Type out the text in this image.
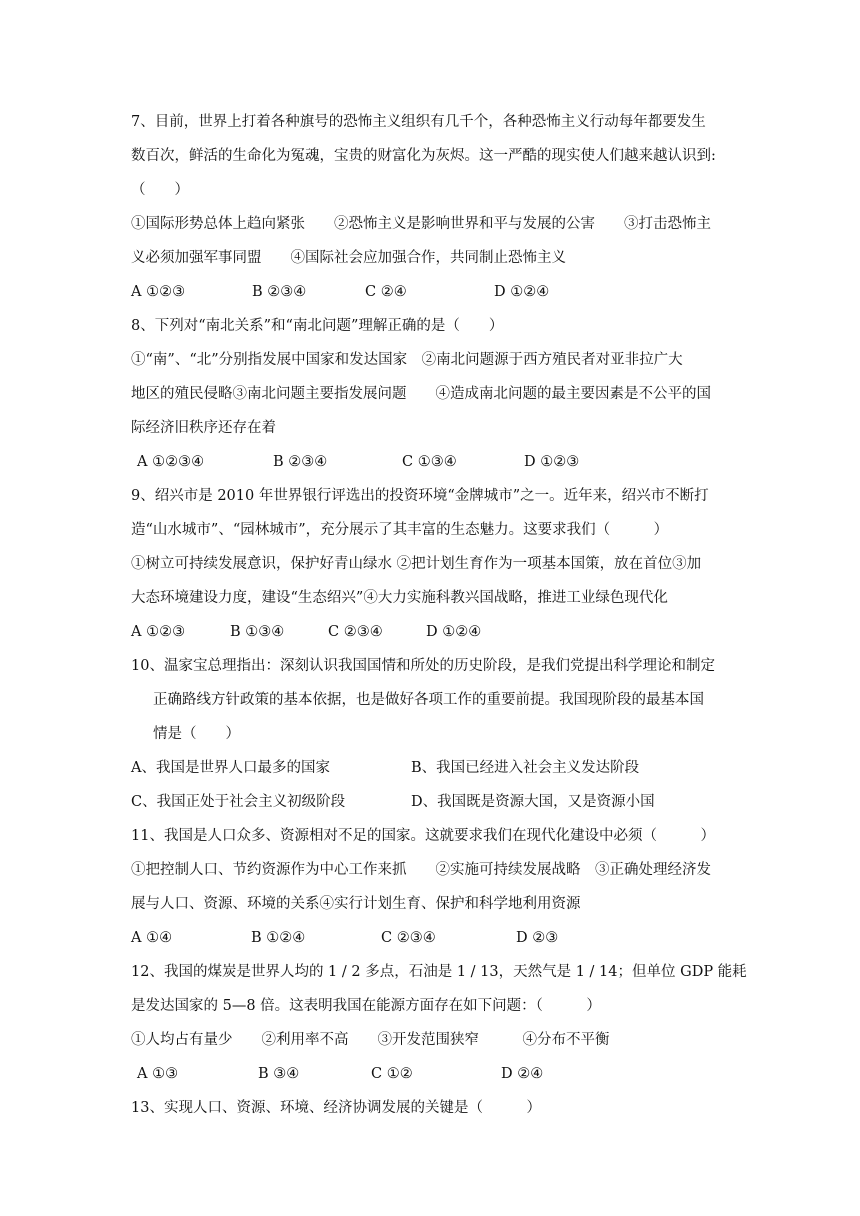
7、目前，世界上打着各种旗号的恐怖主义组织有几千个，各种恐怖主义行动每年都要发生
数百次，鲜活的生命化为冤魂，宝贵的财富化为灰烬。这一严酷的现实使人们越来越认识到:
（　　）
①国际形势总体上趋向紧张　　②恐怖主义是影响世界和平与发展的公害　　③打击恐怖主
义必须加强军事同盟　　④国际社会应加强合作，共同制止恐怖主义
A ①②③	B ②③④	C ②④	D ①②④
8、下列对“南北关系”和“南北问题”理解正确的是（　　）
①“南”、“北”分别指发展中国家和发达国家　②南北问题源于西方殖民者对亚非拉广大
地区的殖民侵略③南北问题主要指发展问题　　④造成南北问题的最主要因素是不公平的国
际经济旧秩序还存在着
A ①②③④	B ②③④	C ①③④	D ①②③
9、绍兴市是 2010 年世界银行评选出的投资环境“金牌城市”之一。近年来，绍兴市不断打
造“山水城市”、“园林城市”，充分展示了其丰富的生态魅力。这要求我们（　　　）
①树立可持续发展意识，保护好青山绿水 ②把计划生育作为一项基本国策，放在首位③加
大态环境建设力度，建设“生态绍兴”④大力实施科教兴国战略，推进工业绿色现代化
A ①②③	B ①③④	C ②③④	D ①②④
10、温家宝总理指出：深刻认识我国国情和所处的历史阶段，是我们党提出科学理论和制定
正确路线方针政策的基本依据，也是做好各项工作的重要前提。我国现阶段的最基本国
情是（　　）
A、我国是世界人口最多的国家	B、我国已经进入社会主义发达阶段
C、我国正处于社会主义初级阶段	D、我国既是资源大国，又是资源小国
11、我国是人口众多、资源相对不足的国家。这就要求我们在现代化建设中必须（　　　）
①把控制人口、节约资源作为中心工作来抓　　②实施可持续发展战略　③正确处理经济发
展与人口、资源、环境的关系④实行计划生育、保护和科学地利用资源
A ①④	B ①②④	C ②③④	D ②③
12、我国的煤炭是世界人均的 1 / 2 多点，石油是 1 / 13，天然气是 1 / 14；但单位 GDP 能耗
是发达国家的 5—8 倍。这表明我国在能源方面存在如下问题：（　　　）
①人均占有量少　　②利用率不高　　③开发范围狭窄　　　④分布不平衡
A ①③	B ③④	C ①②	D ②④
13、实现人口、资源、环境、经济协调发展的关键是（　　　）
